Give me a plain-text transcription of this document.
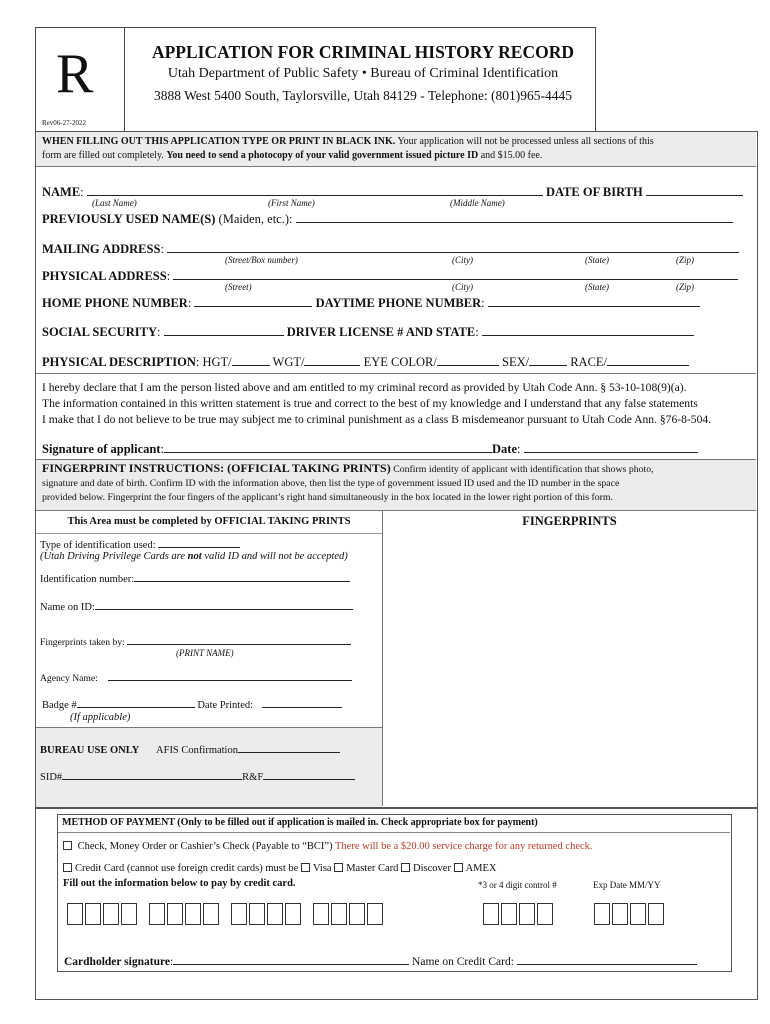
R
Rev06-27-2022
APPLICATION FOR CRIMINAL HISTORY RECORD
Utah Department of Public Safety • Bureau of Criminal Identification
3888 West 5400 South, Taylorsville, Utah 84129 - Telephone: (801)965-4445
WHEN FILLING OUT THIS APPLICATION TYPE OR PRINT IN BLACK INK. Your application will not be processed unless all sections of this
form are filled out completely. You need to send a photocopy of your valid government issued picture ID and $15.00 fee.
NAME:	DATE OF BIRTH
(Last Name)	(First Name)	(Middle Name)
PREVIOUSLY USED NAME(S) (Maiden, etc.):
MAILING ADDRESS:
(Street/Box number)	(City)	(State)	(Zip)
PHYSICAL ADDRESS:
(Street)	(City)	(State)	(Zip)
HOME PHONE NUMBER:	DAYTIME PHONE NUMBER:
SOCIAL SECURITY:	DRIVER LICENSE # AND STATE:
PHYSICAL DESCRIPTION: HGT/	WGT/	EYE COLOR/	SEX/	RACE/
I hereby declare that I am the person listed above and am entitled to my criminal record as provided by Utah Code Ann. § 53-10-108(9)(a).
The information contained in this written statement is true and correct to the best of my knowledge and I understand that any false statements
I make that I do not believe to be true may subject me to criminal punishment as a class B misdemeanor pursuant to Utah Code Ann. §76-8-504.
Signature of applicant:	Date:
FINGERPRINT INSTRUCTIONS: (OFFICIAL TAKING PRINTS) Confirm identity of applicant with identification that shows photo,
signature and date of birth. Confirm ID with the information above, then list the type of government issued ID used and the ID number in the space
provided below. Fingerprint the four fingers of the applicant’s right hand simultaneously in the box located in the lower right portion of this form.
This Area must be completed by OFFICIAL TAKING PRINTS
Type of identification used:
(Utah Driving Privilege Cards are not valid ID and will not be accepted)
Identification number:
Name on ID:
Fingerprints taken by:
(PRINT NAME)
Agency Name:
Badge #	Date Printed:
(If applicable)
BUREAU USE ONLY AFIS Confirmation
SID#	R&F
FINGERPRINTS
METHOD OF PAYMENT (Only to be filled out if application is mailed in. Check appropriate box for payment)
Check, Money Order or Cashier’s Check (Payable to “BCI”) There will be a $20.00 service charge for any returned check.
Credit Card (cannot use foreign credit cards) must be Visa Master Card Discover AMEX
Fill out the information below to pay by credit card.	*3 or 4 digit control #	Exp Date MM/YY
Cardholder signature:	Name on Credit Card:
